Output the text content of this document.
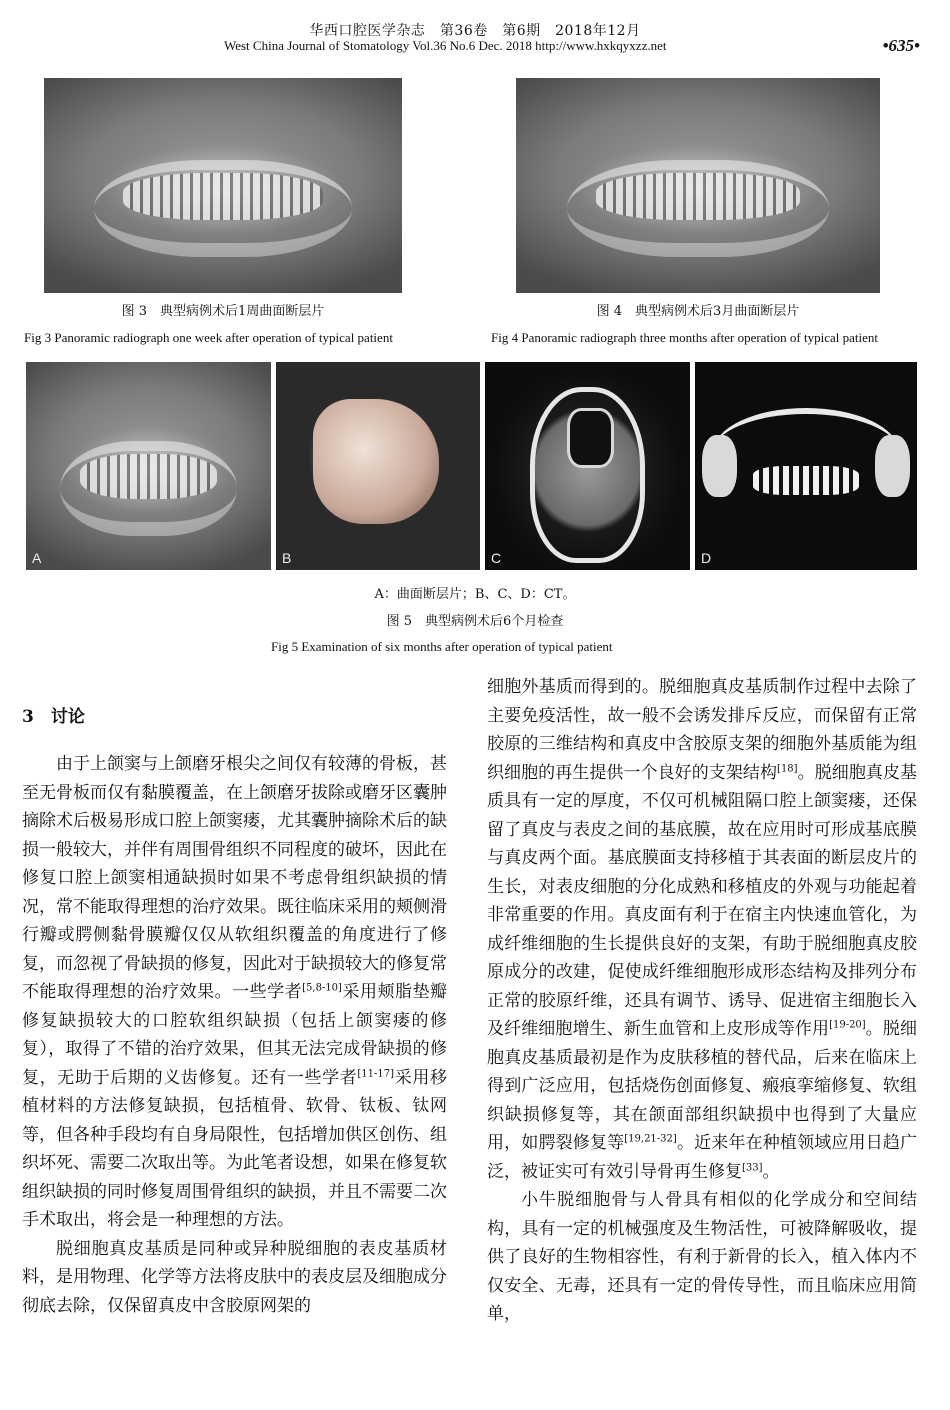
华西口腔医学杂志　第36卷　第6期　2018年12月
West China Journal of Stomatology Vol.36 No.6 Dec. 2018 http://www.hxkqyxzz.net	•635•
图 3　典型病例术后1周曲面断层片
Fig 3 Panoramic radiograph one week after operation of typical patient
图 4　典型病例术后3月曲面断层片
Fig 4 Panoramic radiograph three months after operation of typical patient
A	B	C	D
A：曲面断层片；B、C、D：CT。
图 5　典型病例术后6个月检查
Fig 5 Examination of six months after operation of typical patient
3　讨论

由于上颌窦与上颌磨牙根尖之间仅有较薄的骨板，甚至无骨板而仅有黏膜覆盖，在上颌磨牙拔除或磨牙区囊肿摘除术后极易形成口腔上颌窦瘘，尤其囊肿摘除术后的缺损一般较大，并伴有周围骨组织不同程度的破坏，因此在修复口腔上颌窦相通缺损时如果不考虑骨组织缺损的情况，常不能取得理想的治疗效果。既往临床采用的颊侧滑行瓣或腭侧黏骨膜瓣仅仅从软组织覆盖的角度进行了修复，而忽视了骨缺损的修复，因此对于缺损较大的修复常不能取得理想的治疗效果。一些学者[5,8-10]采用颊脂垫瓣修复缺损较大的口腔软组织缺损（包括上颌窦瘘的修复），取得了不错的治疗效果，但其无法完成骨缺损的修复，无助于后期的义齿修复。还有一些学者[11-17]采用移植材料的方法修复缺损，包括植骨、软骨、钛板、钛网等，但各种手段均有自身局限性，包括增加供区创伤、组织坏死、需要二次取出等。为此笔者设想，如果在修复软组织缺损的同时修复周围骨组织的缺损，并且不需要二次手术取出，将会是一种理想的方法。

脱细胞真皮基质是同种或异种脱细胞的表皮基质材料，是用物理、化学等方法将皮肤中的表皮层及细胞成分彻底去除，仅保留真皮中含胶原网架的

细胞外基质而得到的。脱细胞真皮基质制作过程中去除了主要免疫活性，故一般不会诱发排斥反应，而保留有正常胶原的三维结构和真皮中含胶原支架的细胞外基质能为组织细胞的再生提供一个良好的支架结构[18]。脱细胞真皮基质具有一定的厚度，不仅可机械阻隔口腔上颌窦瘘，还保留了真皮与表皮之间的基底膜，故在应用时可形成基底膜与真皮两个面。基底膜面支持移植于其表面的断层皮片的生长，对表皮细胞的分化成熟和移植皮的外观与功能起着非常重要的作用。真皮面有利于在宿主内快速血管化，为成纤维细胞的生长提供良好的支架，有助于脱细胞真皮胶原成分的改建，促使成纤维细胞形成形态结构及排列分布正常的胶原纤维，还具有调节、诱导、促进宿主细胞长入及纤维细胞增生、新生血管和上皮形成等作用[19-20]。脱细胞真皮基质最初是作为皮肤移植的替代品，后来在临床上得到广泛应用，包括烧伤创面修复、瘢痕挛缩修复、软组织缺损修复等，其在颌面部组织缺损中也得到了大量应用，如腭裂修复等[19,21-32]。近来年在种植领域应用日趋广泛，被证实可有效引导骨再生修复[33]。

小牛脱细胞骨与人骨具有相似的化学成分和空间结构，具有一定的机械强度及生物活性，可被降解吸收，提供了良好的生物相容性，有利于新骨的长入，植入体内不仅安全、无毒，还具有一定的骨传导性，而且临床应用简单，
